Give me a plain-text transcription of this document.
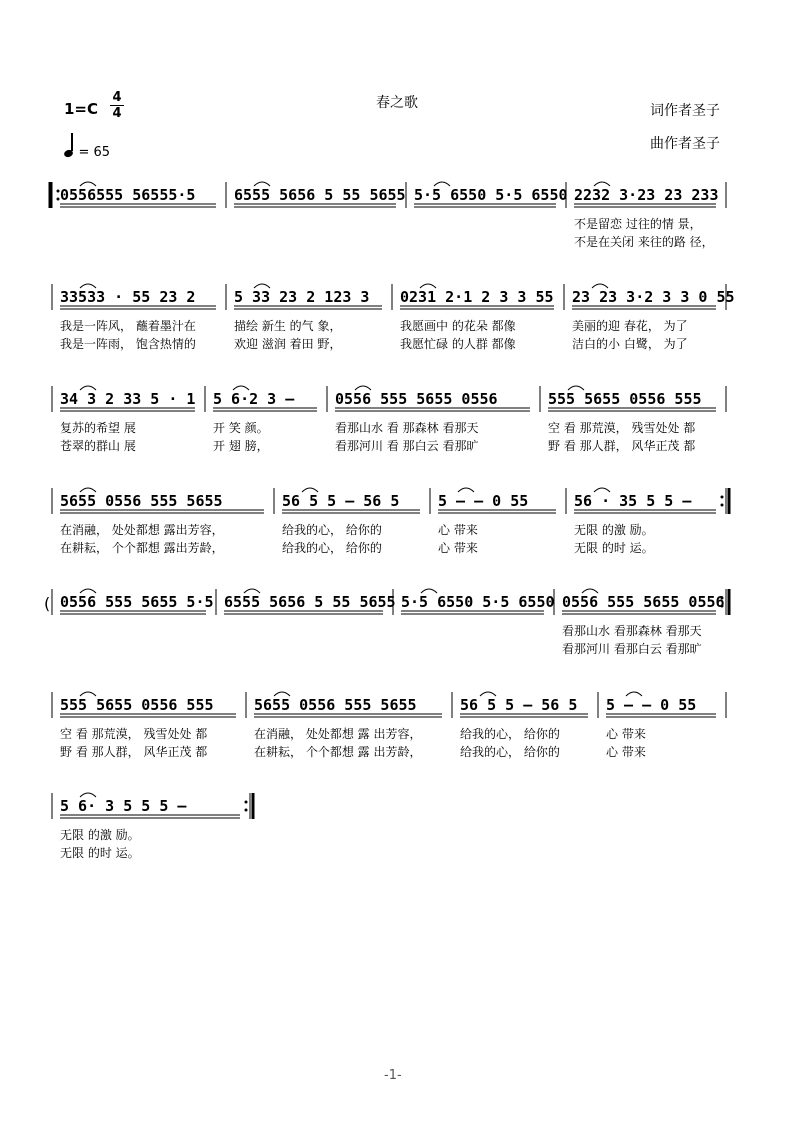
1=C
4
4
= 65
春之歌	词作者圣子
曲作者圣子
0556555 56555·5	6555 5656 5 55 5655 5·5 6550 5·5 6550 2232 3·23 23 233
不是留恋 过往的情 景，
不是在关闭 来往的路 径，
33533 · 55 23 2
我是一阵风， 蘸着墨汁在
我是一阵雨， 饱含热情的
5 33 23 2 123 3
描绘 新生 的气 象，
欢迎 滋润 着田 野，
0231 2·1 2 3 3 55
我愿画中 的花朵 都像
我愿忙碌 的人群 都像
23 23 3·2 3 3 0 55
美丽的迎 春花， 为了
洁白的小 白鹭， 为了
34 3 2 33 5 · 1
复苏的希望 展
苍翠的群山 展
5 6·2 3 –
开 笑 颜。
开 翅 膀，
0556 555 5655 0556
看那山水 看 那森林 看那天
看那河川 看 那白云 看那旷
555 5655 0556 555
空 看 那荒漠， 残雪处处 都
野 看 那人群， 风华正茂 都
5655 0556 555 5655
在消融， 处处都想 露出芳容，
在耕耘， 个个都想 露出芳龄，
56 5 5 – 56 5
给我的心， 给你的
给我的心， 给你的
5 – – 0 55
心 带来
心 带来
56 · 35 5 5 –
无限 的激 励。
无限 的时 运。
( 0556 555 5655 5·5 6555 5656 5 55 5655 5·5 6550 5·5 6550 0556 555 5655 0556
看那山水 看那森林 看那天
看那河川 看那白云 看那旷
555 5655 0556 555
空 看 那荒漠， 残雪处处 都
野 看 那人群， 风华正茂 都
5655 0556 555 5655
在消融， 处处都想 露 出芳容，
在耕耘， 个个都想 露 出芳龄，
56 5 5 – 56 5
给我的心， 给你的
给我的心， 给你的
5 – – 0 55
心 带来
心 带来
5 6· 3 5 5 5 –
无限 的激 励。
无限 的时 运。
-1-
